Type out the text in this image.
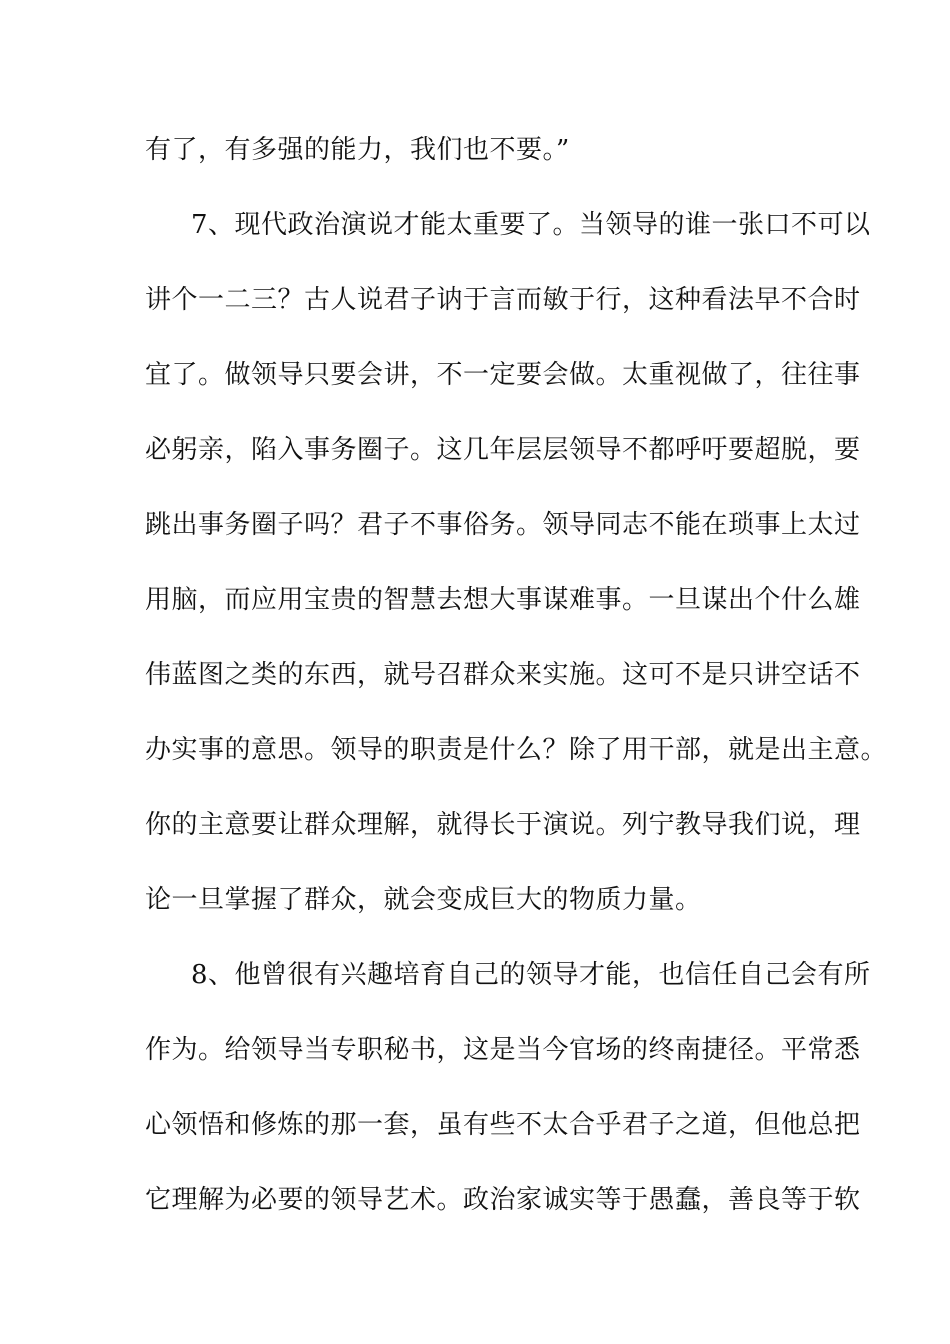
有了，有多强的能力，我们也不要。”
7、现代政治演说才能太重要了。当领导的谁一张口不可以
讲个一二三？古人说君子讷于言而敏于行，这种看法早不合时
宜了。做领导只要会讲，不一定要会做。太重视做了，往往事
必躬亲，陷入事务圈子。这几年层层领导不都呼吁要超脱，要
跳出事务圈子吗？君子不事俗务。领导同志不能在琐事上太过
用脑，而应用宝贵的智慧去想大事谋难事。一旦谋出个什么雄
伟蓝图之类的东西，就号召群众来实施。这可不是只讲空话不
办实事的意思。领导的职责是什么？除了用干部，就是出主意。
你的主意要让群众理解，就得长于演说。列宁教导我们说，理
论一旦掌握了群众，就会变成巨大的物质力量。
8、他曾很有兴趣培育自己的领导才能，也信任自己会有所
作为。给领导当专职秘书，这是当今官场的终南捷径。平常悉
心领悟和修炼的那一套，虽有些不太合乎君子之道，但他总把
它理解为必要的领导艺术。政治家诚实等于愚蠢，善良等于软
